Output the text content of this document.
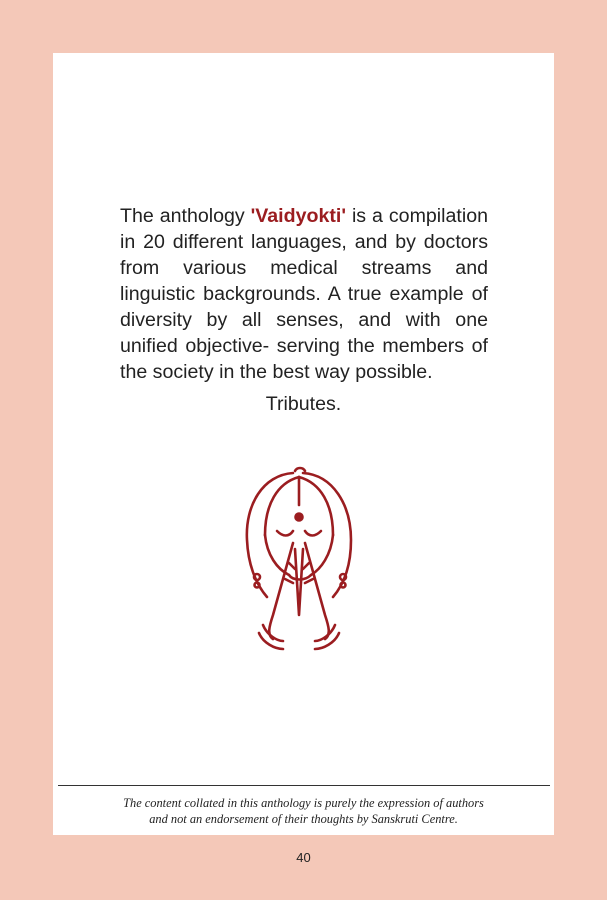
The anthology 'Vaidyokti' is a compilation in 20 different languages, and by doctors from various medical streams and linguistic backgrounds. A true example of diversity by all senses, and with one unified objective- serving the members of the society in the best way possible.

Tributes.
The content collated in this anthology is purely the expression of authors
and not an endorsement of their thoughts by Sanskruti Centre.
40
